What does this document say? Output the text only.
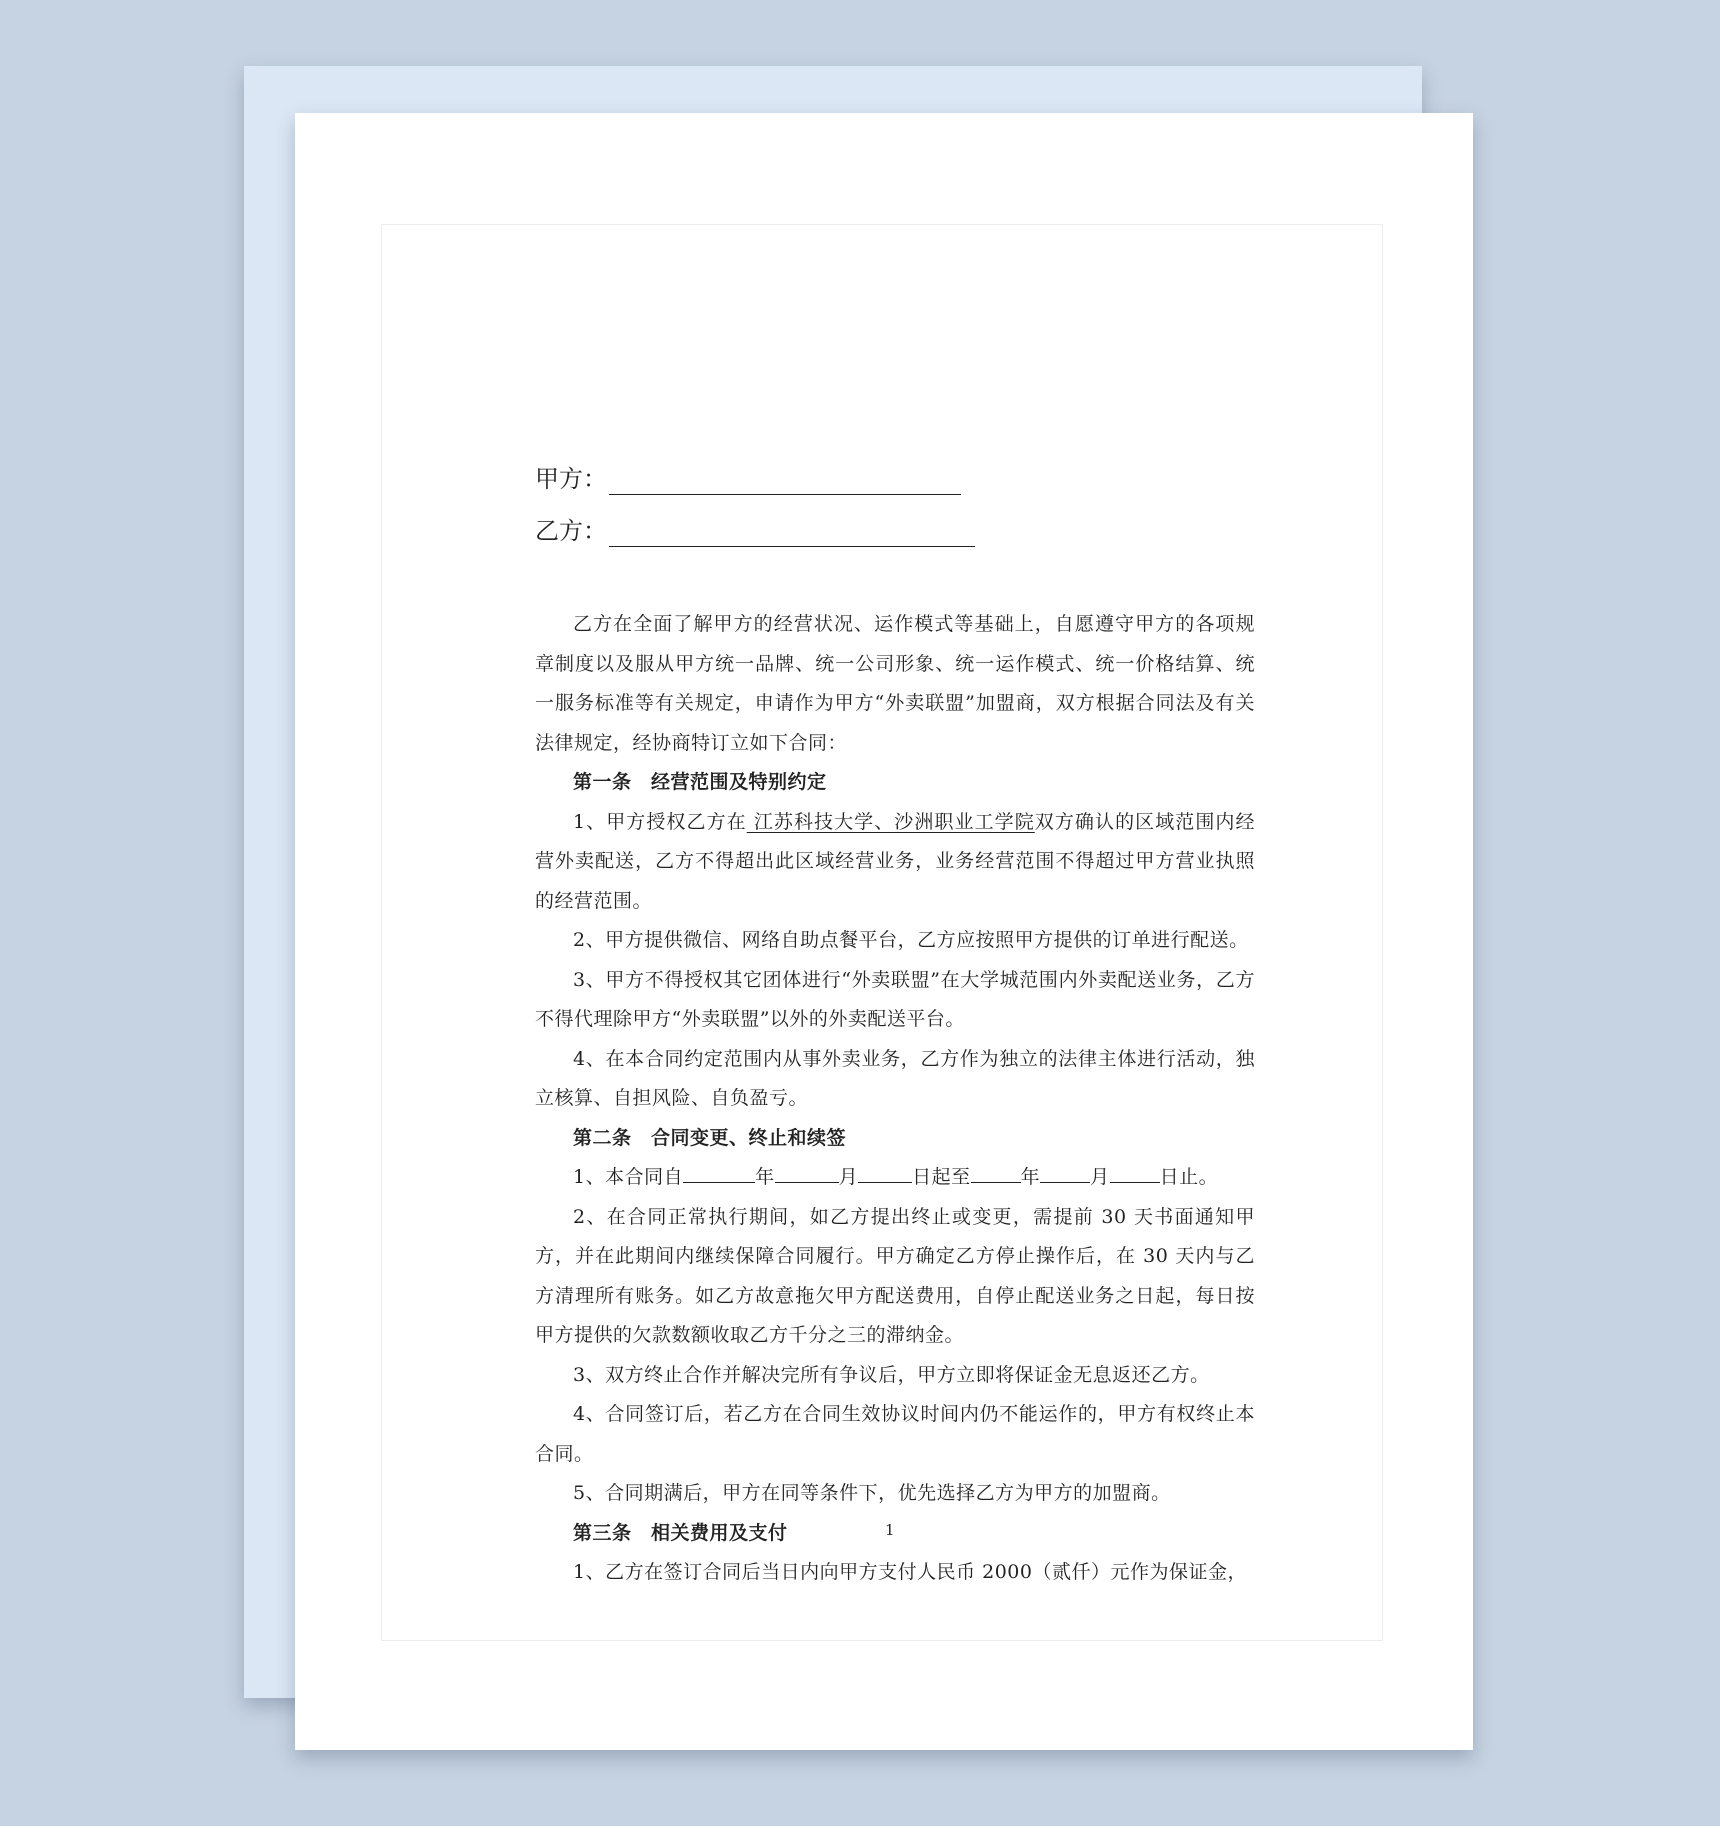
甲方：
乙方：

乙方在全面了解甲方的经营状况、运作模式等基础上，自愿遵守甲方的各项规章制度以及服从甲方统一品牌、统一公司形象、统一运作模式、统一价格结算、统一服务标准等有关规定，申请作为甲方“外卖联盟”加盟商，双方根据合同法及有关法律规定，经协商特订立如下合同：

第一条　经营范围及特别约定

1、甲方授权乙方在 江苏科技大学、沙洲职业工学院双方确认的区域范围内经营外卖配送，乙方不得超出此区域经营业务，业务经营范围不得超过甲方营业执照的经营范围。

2、甲方提供微信、网络自助点餐平台，乙方应按照甲方提供的订单进行配送。

3、甲方不得授权其它团体进行“外卖联盟”在大学城范围内外卖配送业务，乙方不得代理除甲方“外卖联盟”以外的外卖配送平台。

4、在本合同约定范围内从事外卖业务，乙方作为独立的法律主体进行活动，独立核算、自担风险、自负盈亏。

第二条　合同变更、终止和续签

1、本合同自	年	月	日起至	年	月	日止。

2、在合同正常执行期间，如乙方提出终止或变更，需提前 30 天书面通知甲方，并在此期间内继续保障合同履行。甲方确定乙方停止操作后，在 30 天内与乙方清理所有账务。如乙方故意拖欠甲方配送费用，自停止配送业务之日起，每日按甲方提供的欠款数额收取乙方千分之三的滞纳金。

3、双方终止合作并解决完所有争议后，甲方立即将保证金无息返还乙方。

4、合同签订后，若乙方在合同生效协议时间内仍不能运作的，甲方有权终止本合同。

5、合同期满后，甲方在同等条件下，优先选择乙方为甲方的加盟商。

第三条　相关费用及支付

1、乙方在签订合同后当日内向甲方支付人民币 2000（贰仟）元作为保证金，

1
